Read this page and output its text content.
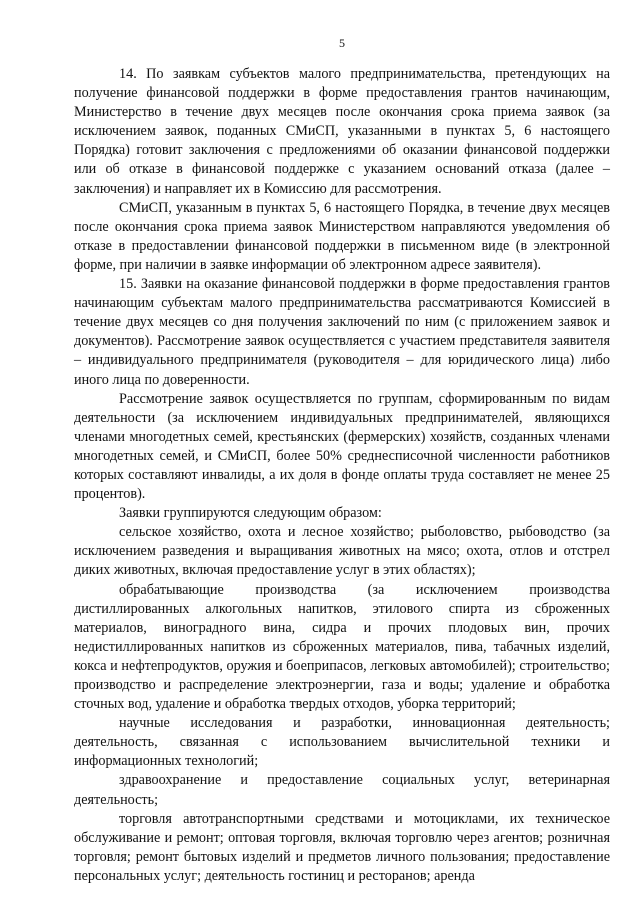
5

14. По заявкам субъектов малого предпринимательства, претендующих на получение финансовой поддержки в форме предоставления грантов начинающим, Министерство в течение двух месяцев после окончания срока приема заявок (за исключением заявок, поданных СМиСП, указанными в пунктах 5, 6 настоящего Порядка) готовит заключения с предложениями об оказании финансовой поддержки или об отказе в финансовой поддержке с указанием оснований отказа (далее – заключения) и направляет их в Комиссию для рассмотрения.

СМиСП, указанным в пунктах 5, 6 настоящего Порядка, в течение двух месяцев после окончания срока приема заявок Министерством направляются уведомления об отказе в предоставлении финансовой поддержки в письменном виде (в электронной форме, при наличии в заявке информации об электронном адресе заявителя).

15. Заявки на оказание финансовой поддержки в форме предоставления грантов начинающим субъектам малого предпринимательства рассматриваются Комиссией в течение двух месяцев со дня получения заключений по ним (с приложением заявок и документов). Рассмотрение заявок осуществляется с участием представителя заявителя – индивидуального предпринимателя (руководителя – для юридического лица) либо иного лица по доверенности.

Рассмотрение заявок осуществляется по группам, сформированным по видам деятельности (за исключением индивидуальных предпринимателей, являющихся членами многодетных семей, крестьянских (фермерских) хозяйств, созданных членами многодетных семей, и СМиСП, более 50% среднесписочной численности работников которых составляют инвалиды, а их доля в фонде оплаты труда составляет не менее 25 процентов).

Заявки группируются следующим образом:

сельское хозяйство, охота и лесное хозяйство; рыболовство, рыбоводство (за исключением разведения и выращивания животных на мясо; охота, отлов и отстрел диких животных, включая предоставление услуг в этих областях);

обрабатывающие производства (за исключением производства дистиллированных алкогольных напитков, этилового спирта из сброженных материалов, виноградного вина, сидра и прочих плодовых вин, прочих недистиллированных напитков из сброженных материалов, пива, табачных изделий, кокса и нефтепродуктов, оружия и боеприпасов, легковых автомобилей); строительство; производство и распределение электроэнергии, газа и воды; удаление и обработка сточных вод, удаление и обработка твердых отходов, уборка территорий;

научные исследования и разработки, инновационная деятельность; деятельность, связанная с использованием вычислительной техники и информационных технологий;

здравоохранение и предоставление социальных услуг, ветеринарная деятельность;

торговля автотранспортными средствами и мотоциклами, их техническое обслуживание и ремонт; оптовая торговля, включая торговлю через агентов; розничная торговля; ремонт бытовых изделий и предметов личного пользования; предоставление персональных услуг; деятельность гостиниц и ресторанов; аренда
